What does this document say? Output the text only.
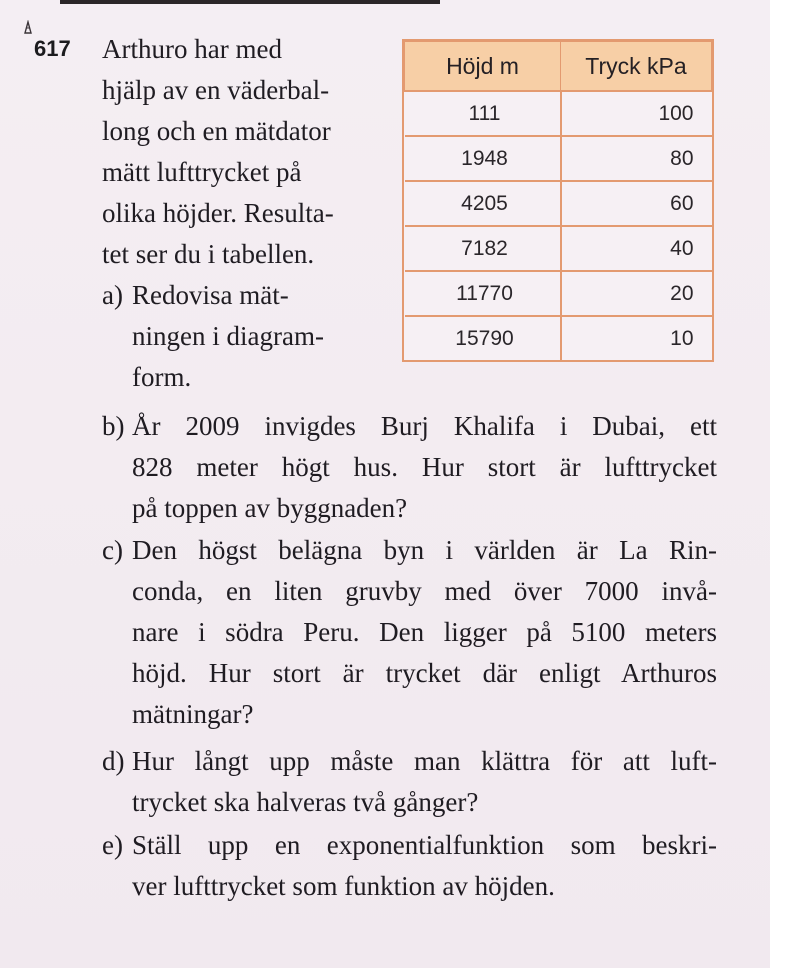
617 Arthuro har med
hjälp av en väderbal-
long och en mätdator
mätt lufttrycket på
olika höjder. Resulta-
tet ser du i tabellen.
a) Redovisa mät-
ningen i diagram-
form.
b) År 2009 invigdes Burj Khalifa i Dubai, ett
828 meter högt hus. Hur stort är lufttrycket
på toppen av byggnaden?
c) Den högst belägna byn i världen är La Rin-
conda, en liten gruvby med över 7000 invå-
nare i södra Peru. Den ligger på 5100 meters
höjd. Hur stort är trycket där enligt Arthuros
mätningar?
d) Hur långt upp måste man klättra för att luft-
trycket ska halveras två gånger?
e) Ställ upp en exponentialfunktion som beskri-
ver lufttrycket som funktion av höjden.
Höjd m	Tryck kPa
111	100
1948	80
4205	60
7182	40
11770	20
15790	10
